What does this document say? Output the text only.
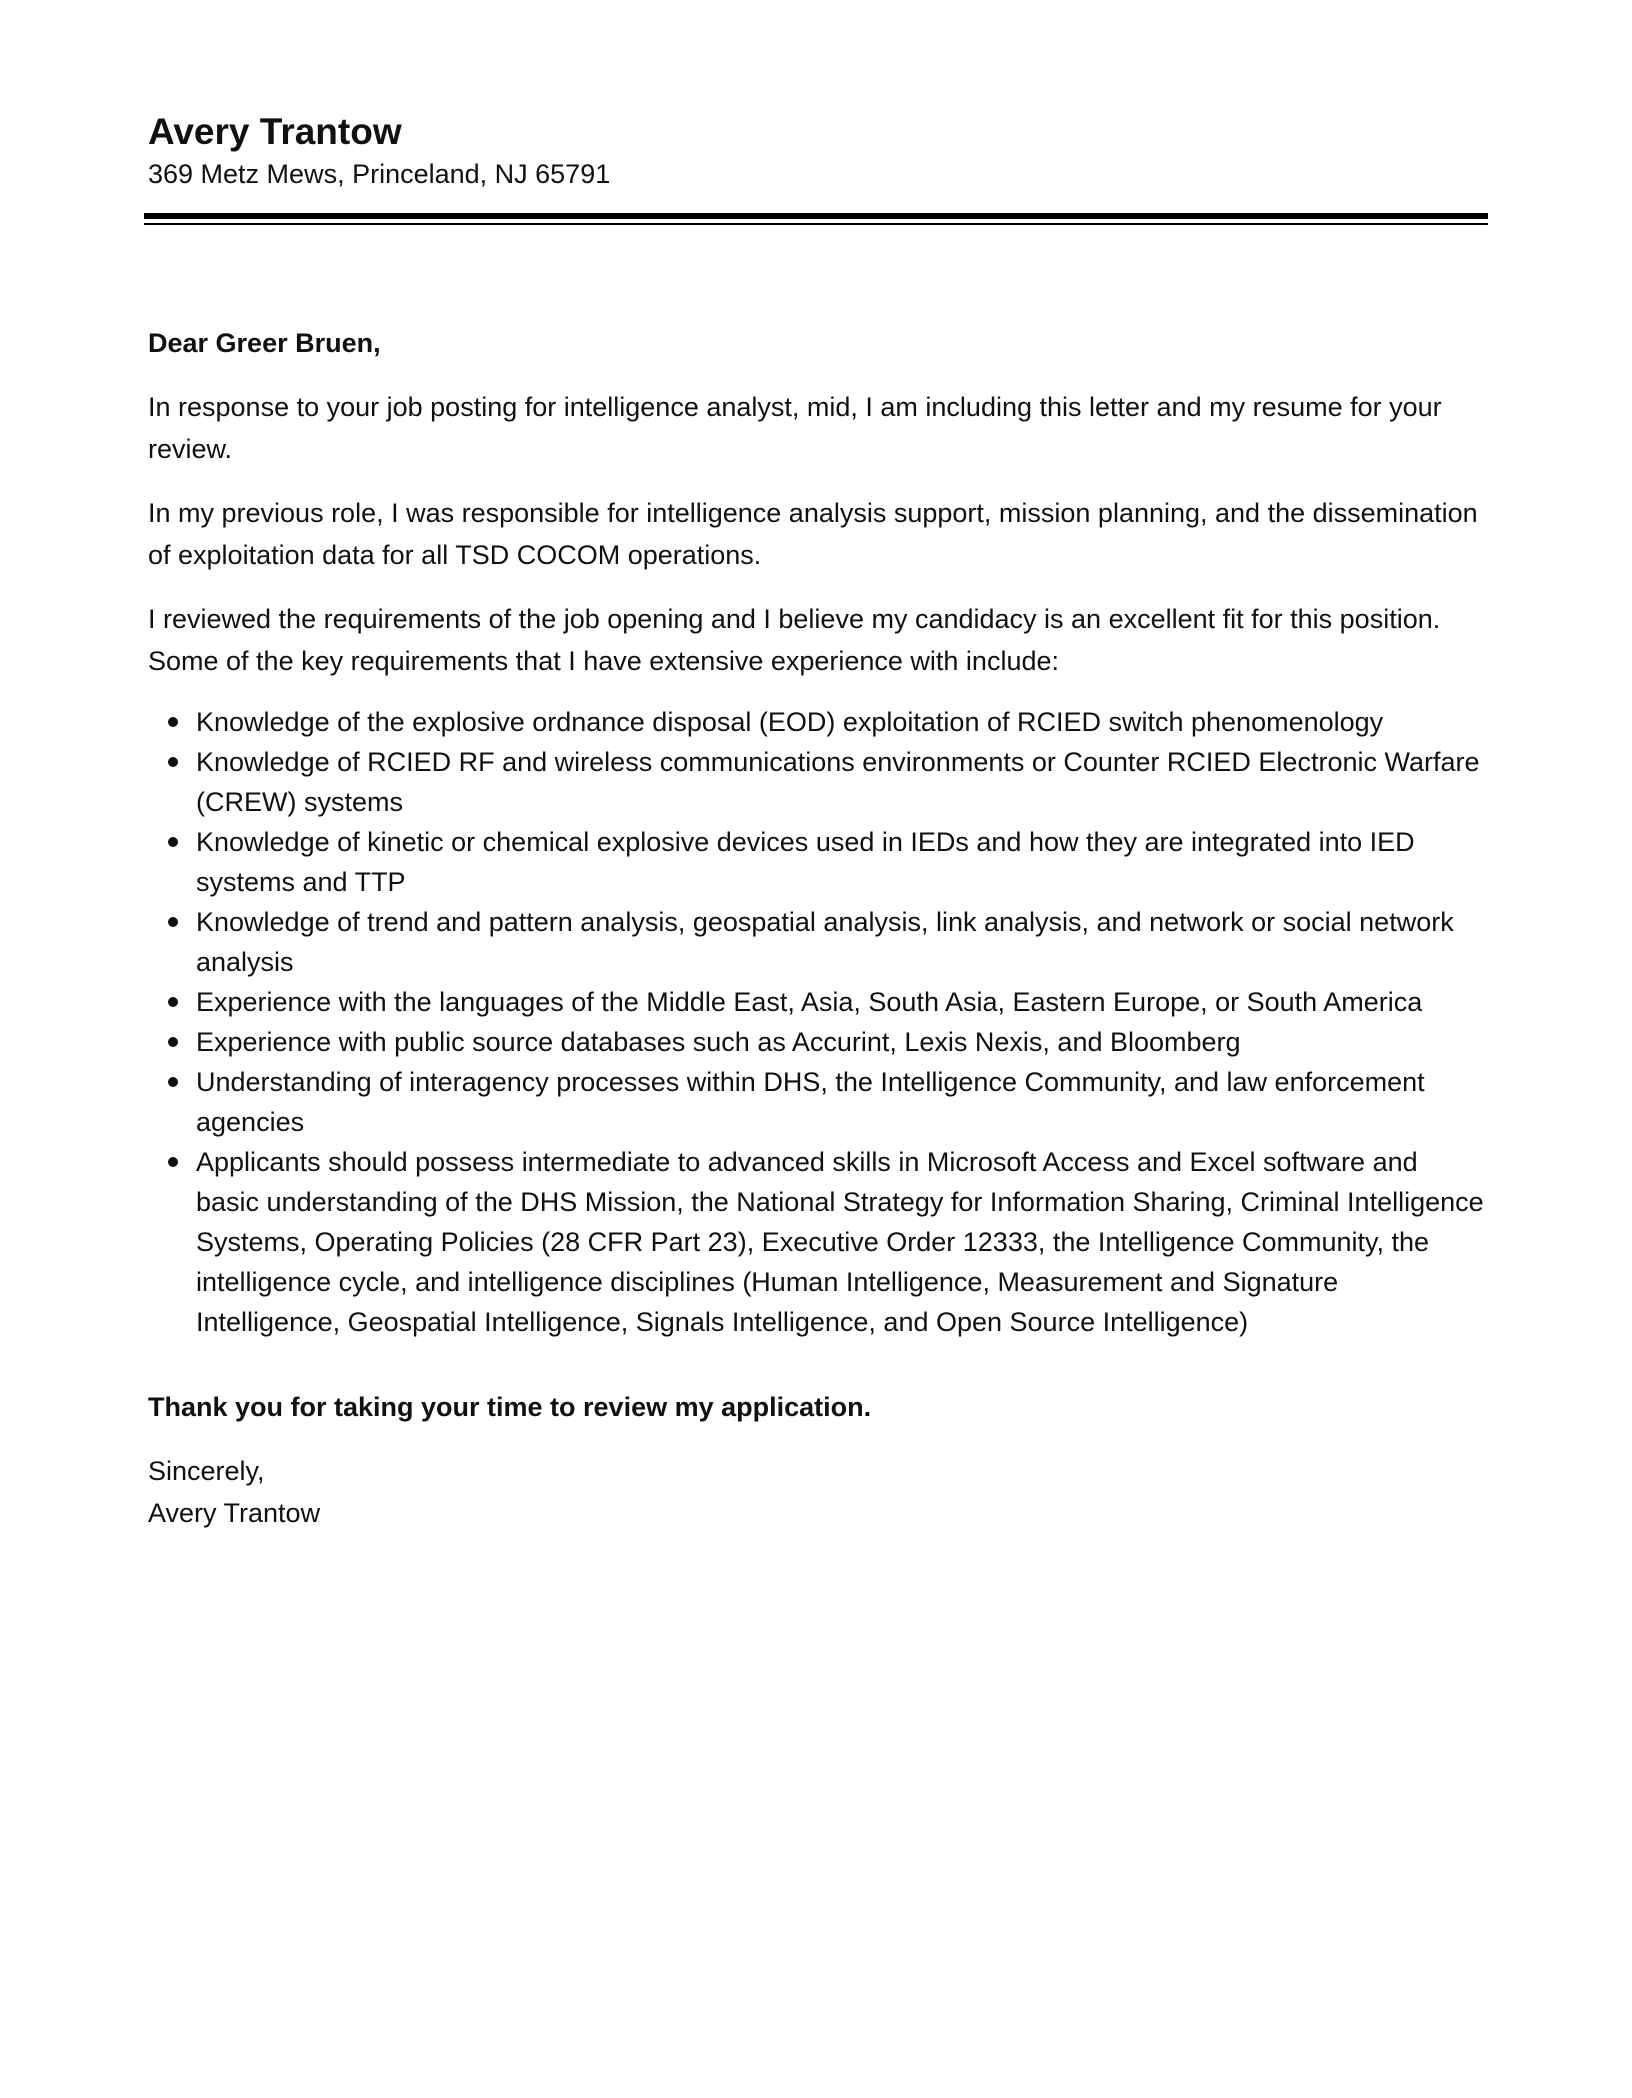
Avery Trantow

369 Metz Mews, Princeland, NJ 65791

Dear Greer Bruen,

In response to your job posting for intelligence analyst, mid, I am including this letter and my resume for your review.

In my previous role, I was responsible for intelligence analysis support, mission planning, and the dissemination of exploitation data for all TSD COCOM operations.

I reviewed the requirements of the job opening and I believe my candidacy is an excellent fit for this position. Some of the key requirements that I have extensive experience with include:

Knowledge of the explosive ordnance disposal (EOD) exploitation of RCIED switch phenomenology
Knowledge of RCIED RF and wireless communications environments or Counter RCIED Electronic Warfare (CREW) systems
Knowledge of kinetic or chemical explosive devices used in IEDs and how they are integrated into IED systems and TTP
Knowledge of trend and pattern analysis, geospatial analysis, link analysis, and network or social network analysis
Experience with the languages of the Middle East, Asia, South Asia, Eastern Europe, or South America
Experience with public source databases such as Accurint, Lexis Nexis, and Bloomberg
Understanding of interagency processes within DHS, the Intelligence Community, and law enforcement agencies
Applicants should possess intermediate to advanced skills in Microsoft Access and Excel software and basic understanding of the DHS Mission, the National Strategy for Information Sharing, Criminal Intelligence Systems, Operating Policies (28 CFR Part 23), Executive Order 12333, the Intelligence Community, the intelligence cycle, and intelligence disciplines (Human Intelligence, Measurement and Signature Intelligence, Geospatial Intelligence, Signals Intelligence, and Open Source Intelligence)

Thank you for taking your time to review my application.

Sincerely,

Avery Trantow
